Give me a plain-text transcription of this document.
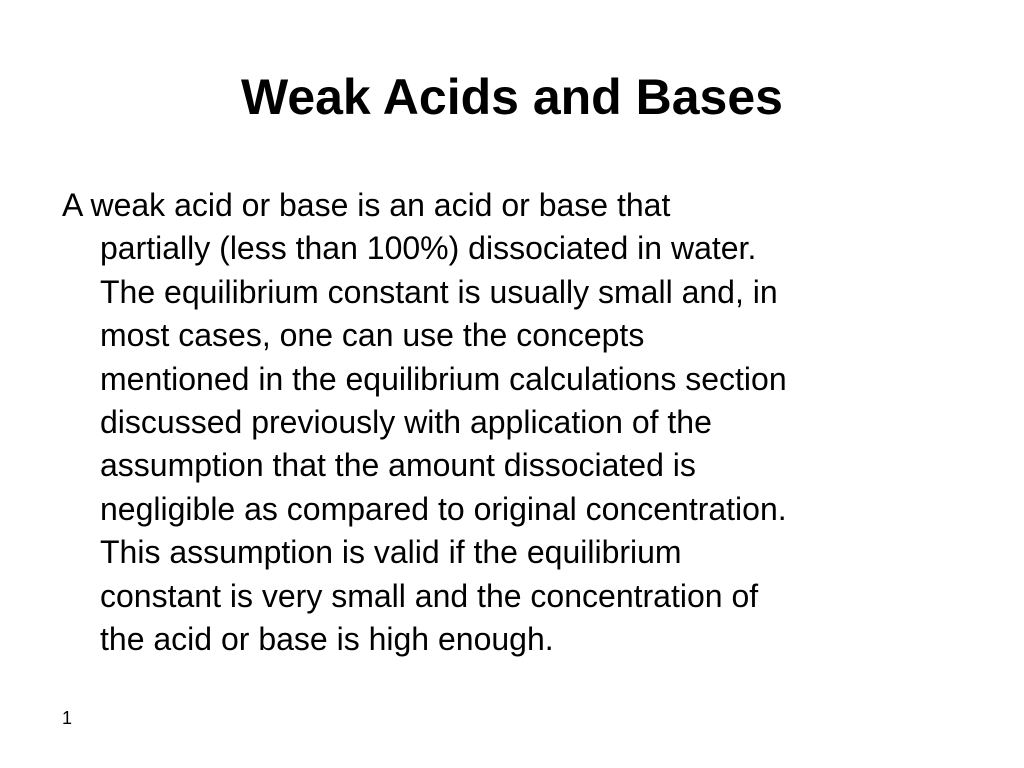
Weak Acids and Bases

A weak acid or base is an acid or base that
partially (less than 100%) dissociated in water.
The equilibrium constant is usually small and, in
most cases, one can use the concepts
mentioned in the equilibrium calculations section
discussed previously with application of the
assumption that the amount dissociated is
negligible as compared to original concentration.
This assumption is valid if the equilibrium
constant is very small and the concentration of
the acid or base is high enough.

1
